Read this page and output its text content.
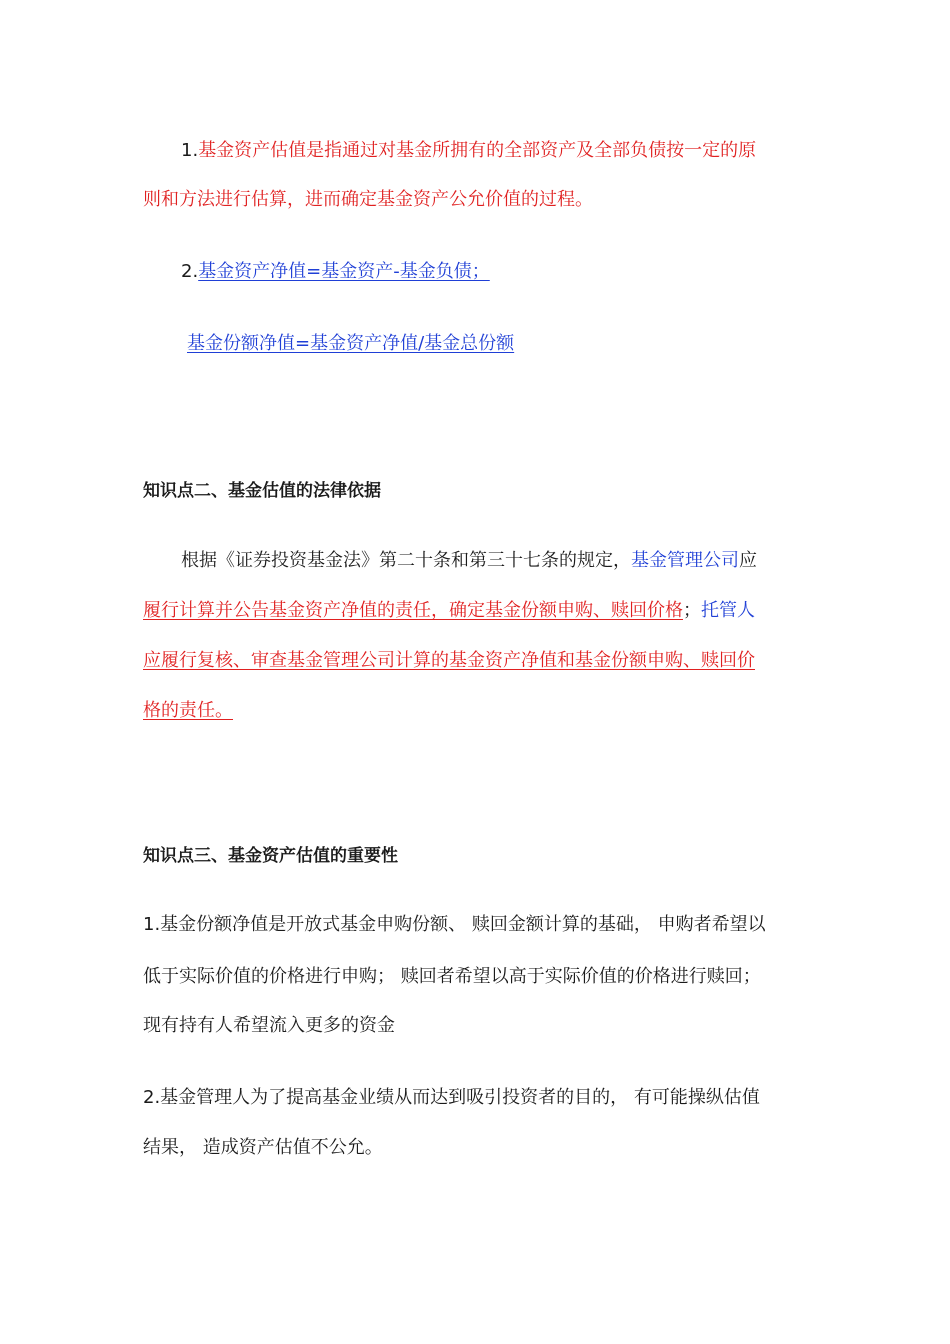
1.基金资产估值是指通过对基金所拥有的全部资产及全部负债按一定的原
则和方法进行估算，进而确定基金资产公允价值的过程。
2.基金资产净值=基金资产-基金负债；
基金份额净值=基金资产净值/基金总份额
知识点二、基金估值的法律依据
根据《证券投资基金法》第二十条和第三十七条的规定，基金管理公司应
履行计算并公告基金资产净值的责任，确定基金份额申购、赎回价格；托管人
应履行复核、审查基金管理公司计算的基金资产净值和基金份额申购、赎回价
格的责任。
知识点三、基金资产估值的重要性
1.基金份额净值是开放式基金申购份额、 赎回金额计算的基础， 申购者希望以
低于实际价值的价格进行申购； 赎回者希望以高于实际价值的价格进行赎回；
现有持有人希望流入更多的资金
2.基金管理人为了提高基金业绩从而达到吸引投资者的目的， 有可能操纵估值
结果， 造成资产估值不公允。
